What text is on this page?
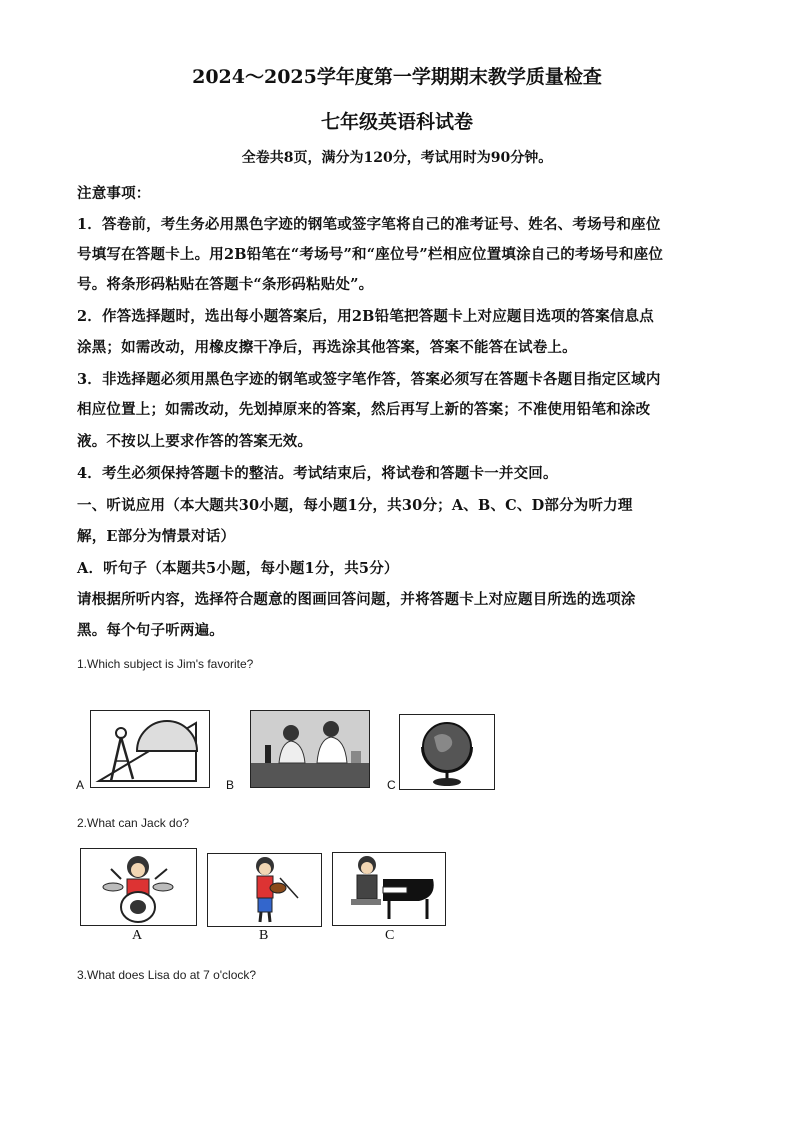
2024～2025学年度第一学期期末教学质量检查
七年级英语科试卷
全卷共8页，满分为120分，考试用时为90分钟。
注意事项：
1．答卷前，考生务必用黑色字迹的钢笔或签字笔将自己的准考证号、姓名、考场号和座位
号填写在答题卡上。用2B铅笔在“考场号”和“座位号”栏相应位置填涂自己的考场号和座位
号。将条形码粘贴在答题卡“条形码粘贴处”。
2．作答选择题时，选出每小题答案后，用2B铅笔把答题卡上对应题目选项的答案信息点
涂黑；如需改动，用橡皮擦干净后，再选涂其他答案，答案不能答在试卷上。
3．非选择题必须用黑色字迹的钢笔或签字笔作答，答案必须写在答题卡各题目指定区域内
相应位置上；如需改动，先划掉原来的答案，然后再写上新的答案；不准使用铅笔和涂改
液。不按以上要求作答的答案无效。
4．考生必须保持答题卡的整洁。考试结束后，将试卷和答题卡一并交回。
一、听说应用（本大题共30小题，每小题1分，共30分；A、B、C、D部分为听力理
解，E部分为情景对话）
A．听句子（本题共5小题，每小题1分，共5分）
请根据所听内容，选择符合题意的图画回答问题，并将答题卡上对应题目所选的选项涂
黑。每个句子听两遍。
1.Which subject is Jim's favorite?
A	B	C
2.What can Jack do?
A	B	C
3.What does Lisa do at 7 o'clock?
